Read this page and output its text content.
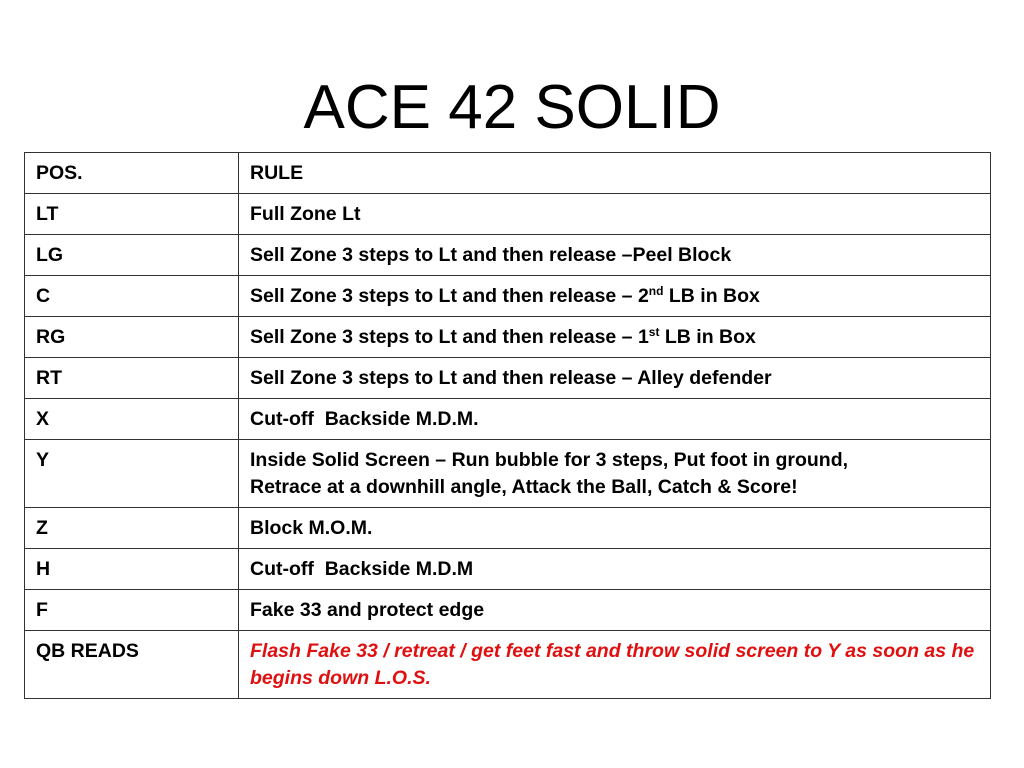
ACE 42 SOLID
POS.	RULE
LT	Full Zone Lt
LG	Sell Zone 3 steps to Lt and then release –Peel Block
C	Sell Zone 3 steps to Lt and then release – 2nd LB in Box
RG	Sell Zone 3 steps to Lt and then release – 1st LB in Box
RT	Sell Zone 3 steps to Lt and then release – Alley defender
X	Cut-off  Backside M.D.M.
Y	Inside Solid Screen – Run bubble for 3 steps, Put foot in ground,
Retrace at a downhill angle, Attack the Ball, Catch & Score!
Z	Block M.O.M.
H	Cut-off  Backside M.D.M
F	Fake 33 and protect edge
QB READS	Flash Fake 33 / retreat / get feet fast and throw solid screen to Y as soon as he begins down L.O.S.
